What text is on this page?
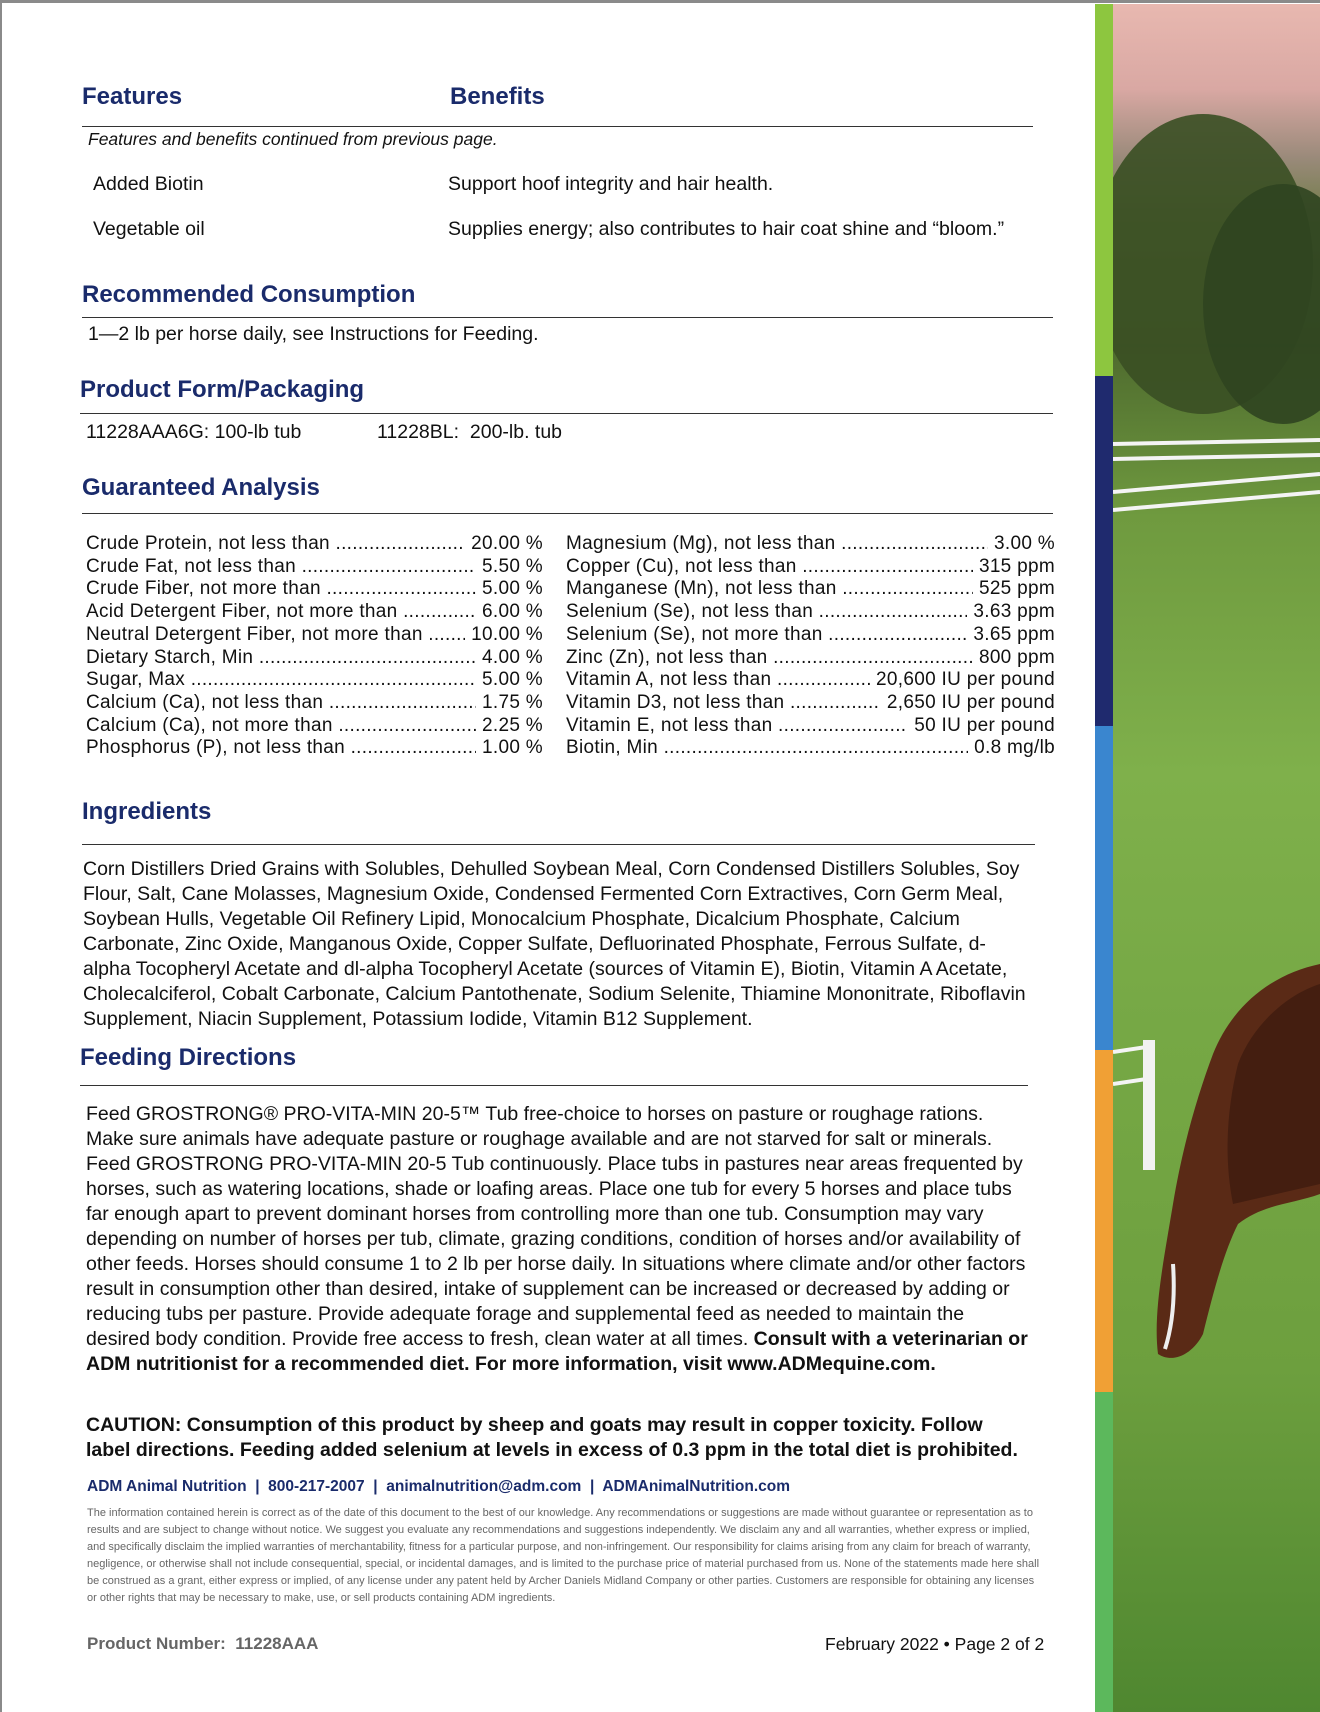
Features	Benefits
Features and benefits continued from previous page.
Added Biotin	Support hoof integrity and hair health.
Vegetable oil	Supplies energy; also contributes to hair coat shine and “bloom.”
Recommended Consumption
1—2 lb per horse daily, see Instructions for Feeding.
Product Form/Packaging
11228AAA6G: 100-lb tub	11228BL:  200-lb. tub
Guaranteed Analysis
Crude Protein, not less than .....	20.00 %
Crude Fat, not less than .....	5.50 %
Crude Fiber, not more than .....	5.00 %
Acid Detergent Fiber, not more than .....	6.00 %
Neutral Detergent Fiber, not more than .....	10.00 %
Dietary Starch, Min .....	4.00 %
Sugar, Max .....	5.00 %
Calcium (Ca), not less than .....	1.75 %
Calcium (Ca), not more than .....	2.25 %
Phosphorus (P), not less than .....	1.00 %
Magnesium (Mg), not less than .....	3.00 %
Copper (Cu), not less than .....	315 ppm
Manganese (Mn), not less than .....	525 ppm
Selenium (Se), not less than .....	3.63 ppm
Selenium (Se), not more than .....	3.65 ppm
Zinc (Zn), not less than .....	800 ppm
Vitamin A, not less than .....	20,600 IU per pound
Vitamin D3, not less than .....	2,650 IU per pound
Vitamin E, not less than .....	50 IU per pound
Biotin, Min .....	0.8 mg/lb
Ingredients
Corn Distillers Dried Grains with Solubles, Dehulled Soybean Meal, Corn Condensed Distillers Solubles, Soy Flour, Salt, Cane Molasses, Magnesium Oxide, Condensed Fermented Corn Extractives, Corn Germ Meal, Soybean Hulls, Vegetable Oil Refinery Lipid, Monocalcium Phosphate, Dicalcium Phosphate, Calcium Carbonate, Zinc Oxide, Manganous Oxide, Copper Sulfate, Defluorinated Phosphate, Ferrous Sulfate, d-alpha Tocopheryl Acetate and dl-alpha Tocopheryl Acetate (sources of Vitamin E), Biotin, Vitamin A Acetate, Cholecalciferol, Cobalt Carbonate, Calcium Pantothenate, Sodium Selenite, Thiamine Mononitrate, Riboflavin Supplement, Niacin Supplement, Potassium Iodide, Vitamin B12 Supplement.
Feeding Directions
Feed GROSTRONG® PRO-VITA-MIN 20-5™ Tub free-choice to horses on pasture or roughage rations. Make sure animals have adequate pasture or roughage available and are not starved for salt or minerals. Feed GROSTRONG PRO-VITA-MIN 20-5 Tub continuously. Place tubs in pastures near areas frequented by horses, such as watering locations, shade or loafing areas. Place one tub for every 5 horses and place tubs far enough apart to prevent dominant horses from controlling more than one tub. Consumption may vary depending on number of horses per tub, climate, grazing conditions, condition of horses and/or availability of other feeds. Horses should consume 1 to 2 lb per horse daily. In situations where climate and/or other factors result in consumption other than desired, intake of supplement can be increased or decreased by adding or reducing tubs per pasture. Provide adequate forage and supplemental feed as needed to maintain the desired body condition. Provide free access to fresh, clean water at all times. Consult with a veterinarian or ADM nutritionist for a recommended diet. For more information, visit www.ADMequine.com.
CAUTION: Consumption of this product by sheep and goats may result in copper toxicity. Follow label directions. Feeding added selenium at levels in excess of 0.3 ppm in the total diet is prohibited.
ADM Animal Nutrition  |  800-217-2007  |  animalnutrition@adm.com  |  ADMAnimalNutrition.com
The information contained herein is correct as of the date of this document to the best of our knowledge. Any recommendations or suggestions are made without guarantee or representation as to results and are subject to change without notice. We suggest you evaluate any recommendations and suggestions independently. We disclaim any and all warranties, whether express or implied, and specifically disclaim the implied warranties of merchantability, fitness for a particular purpose, and non-infringement. Our responsibility for claims arising from any claim for breach of warranty, negligence, or otherwise shall not include consequential, special, or incidental damages, and is limited to the purchase price of material purchased from us. None of the statements made here shall be construed as a grant, either express or implied, of any license under any patent held by Archer Daniels Midland Company or other parties. Customers are responsible for obtaining any licenses or other rights that may be necessary to make, use, or sell products containing ADM ingredients.
Product Number:  11228AAA	February 2022 • Page 2 of 2
